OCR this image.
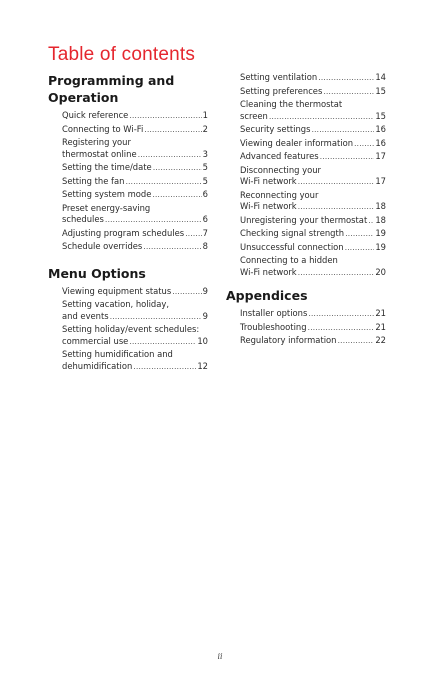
Table of contents
Programming and Operation
Quick reference .....	1
Connecting to Wi-Fi .....	2
Registering your
thermostat online .....	3
Setting the time/date .....	5
Setting the fan .....	5
Setting system mode .....	6
Preset energy-saving
schedules .....	6
Adjusting program schedules ..... 7
Schedule overrides .....	8
Menu Options
Viewing equipment status .....	9
Setting vacation, holiday,
and events .....	9
Setting holiday/event schedules:
commercial use .....	10
Setting humidification and
dehumidification .....	12
Setting ventilation .....	14
Setting preferences .....	15
Cleaning the thermostat
screen .....	15
Security settings .....	16
Viewing dealer information .....	16
Advanced features .....	17
Disconnecting your
Wi-Fi network .....	17
Reconnecting your
Wi-Fi network .....	18
Unregistering your thermostat ..... 18
Checking signal strength .....	19
Unsuccessful connection .....	19
Connecting to a hidden
Wi-Fi network .....	20
Appendices
Installer options .....	21
Troubleshooting .....	21
Regulatory information .....	22
ii
